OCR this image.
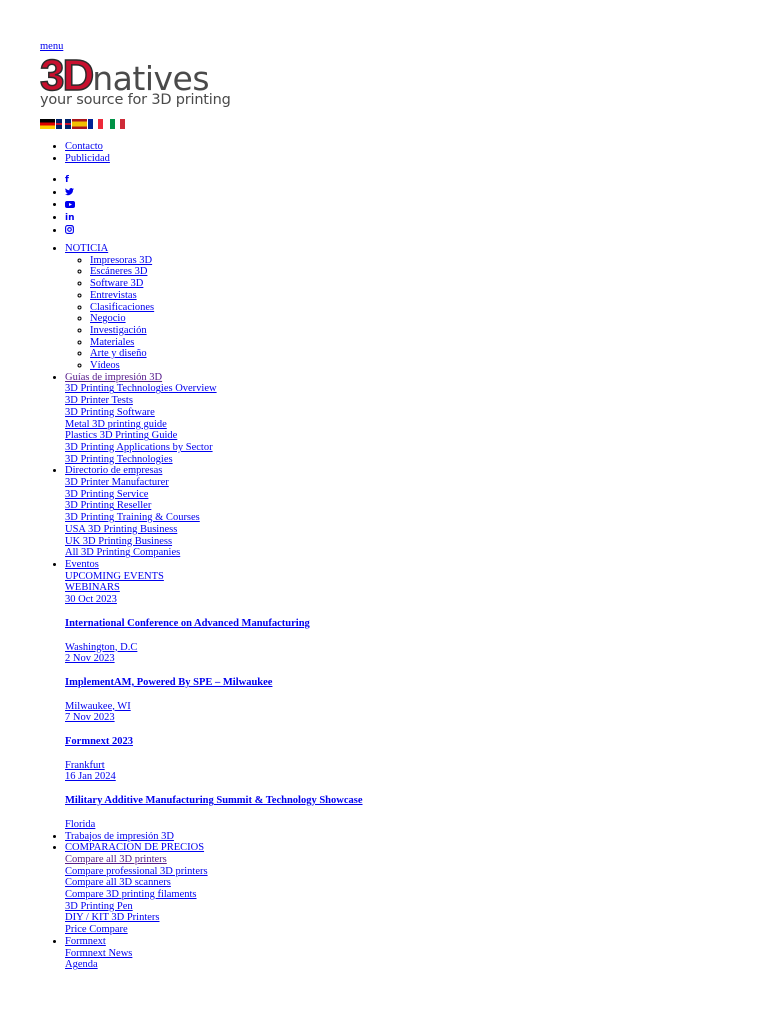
menu
3Dnatives
your source for 3D printing
• Contacto
• Publicidad
• f
•
•
• in
•
• NOTICIA
◦ Impresoras 3D
◦ Escáneres 3D
◦ Software 3D
◦ Entrevistas
◦ Clasificaciones
◦ Negocio
◦ Investigación
◦ Materiales
◦ Arte y diseño
◦ Vídeos
• Guías de impresión 3D
3D Printing Technologies Overview
3D Printer Tests
3D Printing Software
Metal 3D printing guide
Plastics 3D Printing Guide
3D Printing Applications by Sector
3D Printing Technologies
• Directorio de empresas
3D Printer Manufacturer
3D Printing Service
3D Printing Reseller
3D Printing Training & Courses
USA 3D Printing Business
UK 3D Printing Business
All 3D Printing Companies
• Eventos
UPCOMING EVENTS
WEBINARS
30 Oct 2023
International Conference on Advanced Manufacturing
Washington, D.C
2 Nov 2023
ImplementAM, Powered By SPE – Milwaukee
Milwaukee, WI
7 Nov 2023
Formnext 2023
Frankfurt
16 Jan 2024
Military Additive Manufacturing Summit & Technology Showcase
Florida
• Trabajos de impresión 3D
• COMPARACION DE PRECIOS
Compare all 3D printers
Compare professional 3D printers
Compare all 3D scanners
Compare 3D printing filaments
3D Printing Pen
DIY / KIT 3D Printers
Price Compare
• Formnext
Formnext News
Agenda
